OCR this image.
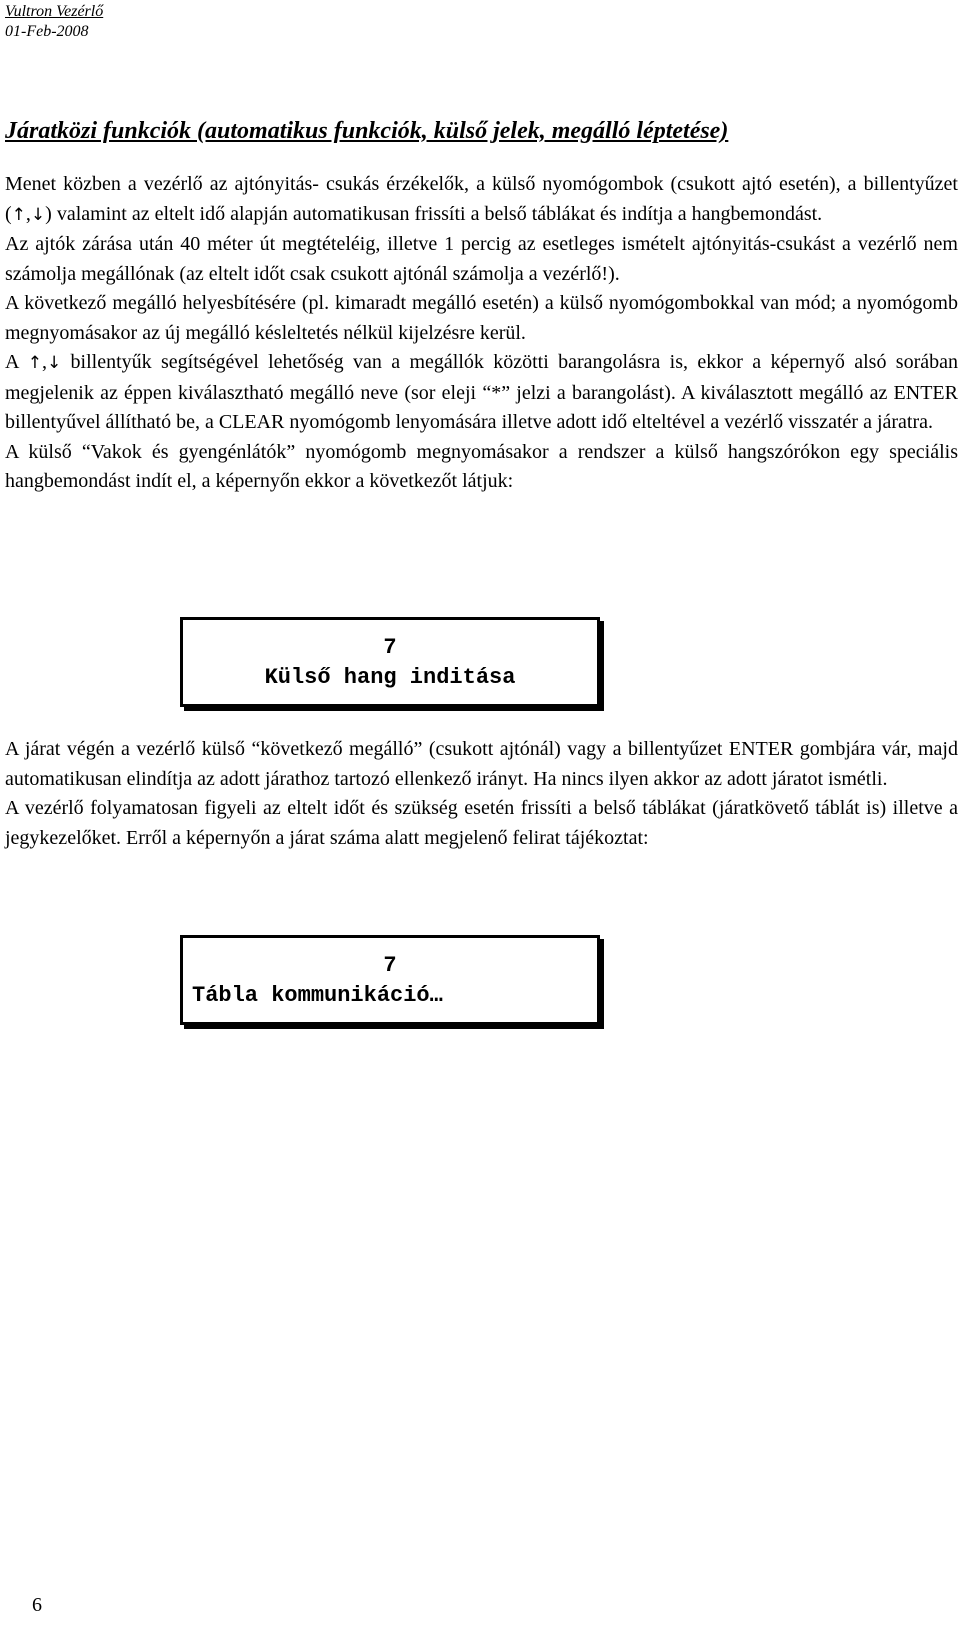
Vultron Vezérlő
01-Feb-2008
Járatközi funkciók (automatikus funkciók, külső jelek, megálló léptetése)

Menet közben a vezérlő az ajtónyitás- csukás érzékelők, a külső nyomógombok (csukott ajtó esetén), a billentyűzet (↑,↓) valamint az eltelt idő alapján automatikusan frissíti a belső táblákat és indítja a hangbemondást.

Az ajtók zárása után 40 méter út megtételéig, illetve 1 percig az esetleges ismételt ajtónyitás-csukást a vezérlő nem számolja megállónak (az eltelt időt csak csukott ajtónál számolja a vezérlő!).

A következő megálló helyesbítésére (pl. kimaradt megálló esetén) a külső nyomógombokkal van mód; a nyomógomb megnyomásakor az új megálló késleltetés nélkül kijelzésre kerül.

A ↑,↓ billentyűk segítségével lehetőség van a megállók közötti barangolásra is, ekkor a képernyő alsó sorában megjelenik az éppen kiválasztható megálló neve (sor eleji “*” jelzi a barangolást). A kiválasztott megálló az ENTER billentyűvel állítható be, a CLEAR nyomógomb lenyomására illetve adott idő elteltével a vezérlő visszatér a járatra.

A külső “Vakok és gyengénlátók” nyomógomb megnyomásakor a rendszer a külső hangszórókon egy speciális hangbemondást indít el, a képernyőn ekkor a következőt látjuk:

7
Külső hang inditása

A járat végén a vezérlő külső “következő megálló” (csukott ajtónál) vagy a billentyűzet ENTER gombjára vár, majd automatikusan elindítja az adott járathoz tartozó ellenkező irányt. Ha nincs ilyen akkor az adott járatot ismétli.

A vezérlő folyamatosan figyeli az eltelt időt és szükség esetén frissíti a belső táblákat (járatkövető táblát is) illetve a jegykezelőket. Erről a képernyőn a járat száma alatt megjelenő felirat tájékoztat:

7
Tábla kommunikáció…
6
